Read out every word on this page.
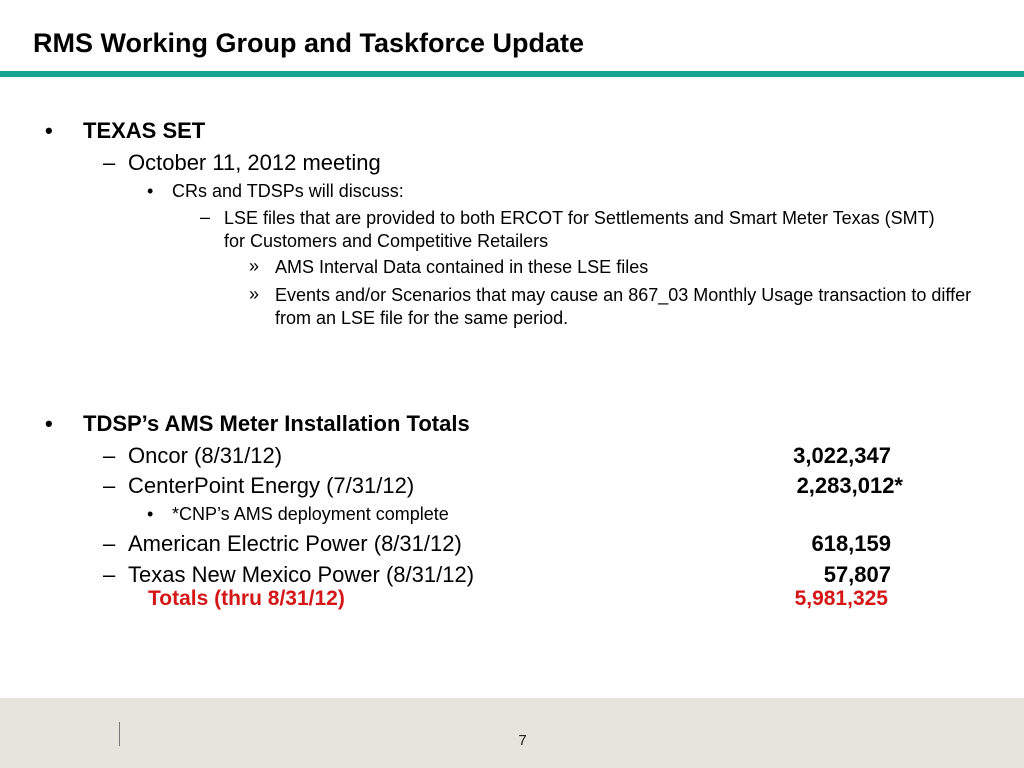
RMS Working Group and Taskforce Update
• TEXAS SET
– October 11, 2012 meeting
• CRs and TDSPs will discuss:
– LSE files that are provided to both ERCOT for Settlements and Smart Meter Texas (SMT) for Customers and Competitive Retailers
» AMS Interval Data contained in these LSE files
» Events and/or Scenarios that may cause an 867_03 Monthly Usage transaction to differ from an LSE file for the same period.
• TDSP’s AMS Meter Installation Totals
– Oncor (8/31/12)	3,022,347
– CenterPoint Energy (7/31/12)	2,283,012*
• *CNP’s AMS deployment complete
– American Electric Power (8/31/12)	618,159
– Texas New Mexico Power (8/31/12)	57,807
Totals (thru 8/31/12)	5,981,325
7
